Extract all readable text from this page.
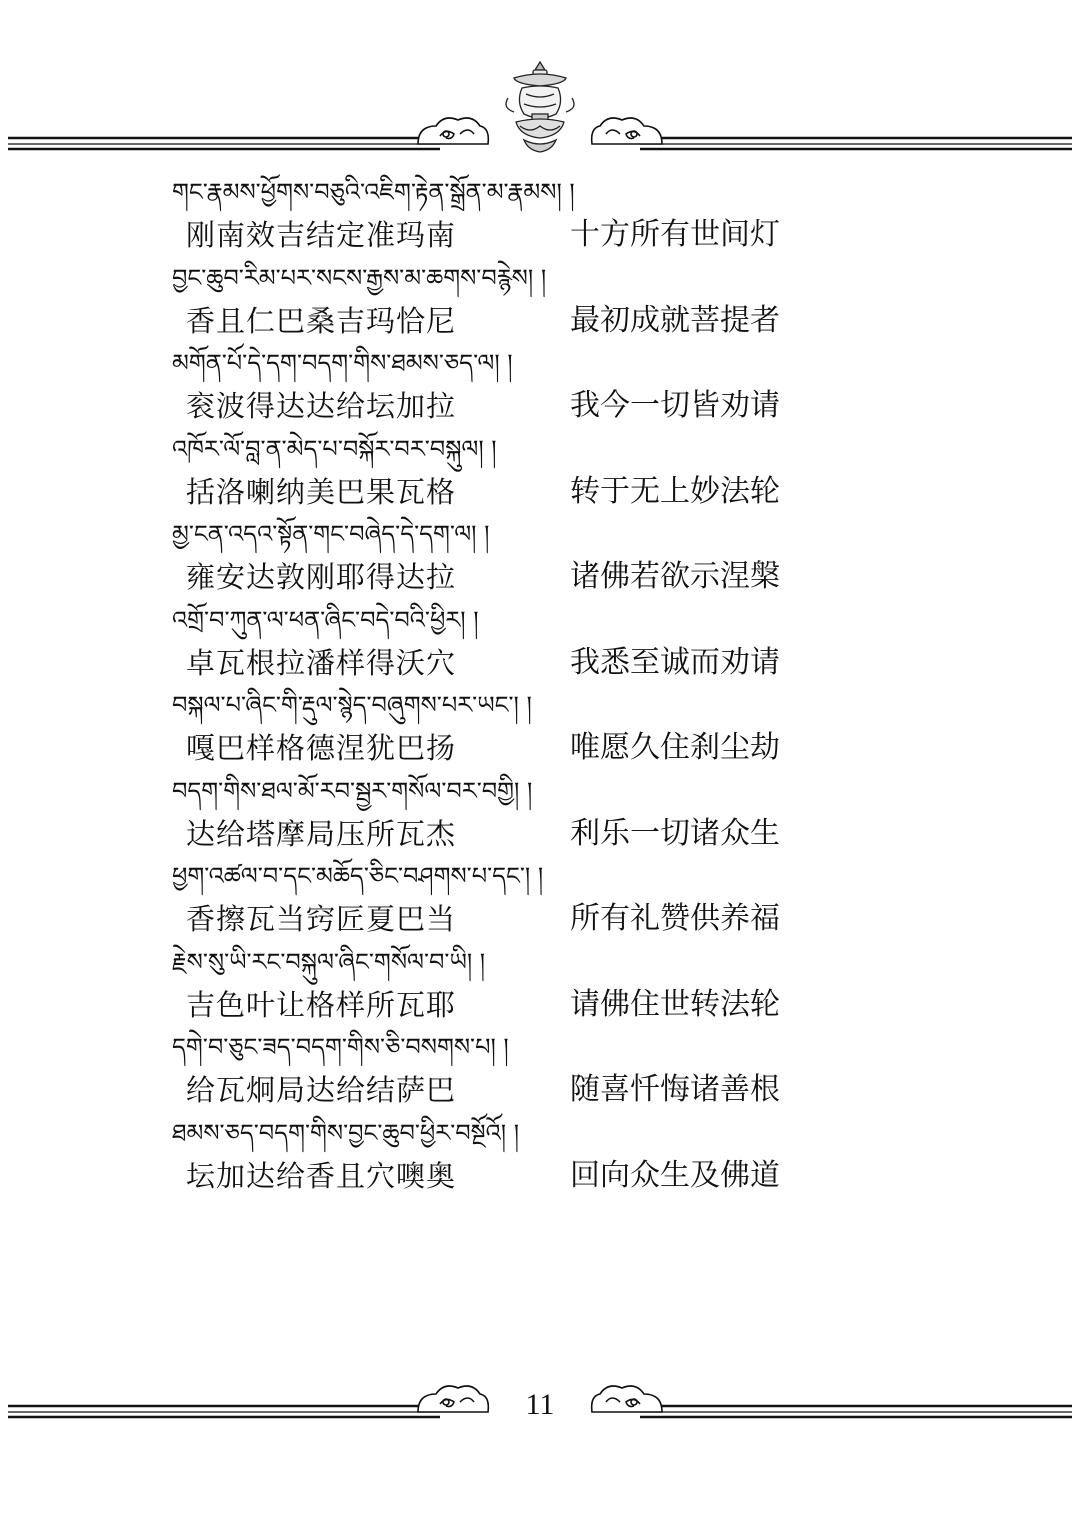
གང་རྣམས་ཕྱོགས་བཅུའི་འཇིག་རྟེན་སྒྲོན་མ་རྣམས། །
刚南效吉结定准玛南	十方所有世间灯
བྱང་ཆུབ་རིམ་པར་སངས་རྒྱས་མ་ཆགས་བརྙེས། །
香且仁巴桑吉玛恰尼	最初成就菩提者
མགོན་པོ་དེ་དག་བདག་གིས་ཐམས་ཅད་ལ། །
衮波得达达给坛加拉	我今一切皆劝请
འཁོར་ལོ་བླ་ན་མེད་པ་བསྐོར་བར་བསྐུལ། །
括洛喇纳美巴果瓦格	转于无上妙法轮
མྱ་ངན་འདའ་སྟོན་གང་བཞེད་དེ་དག་ལ། །
雍安达敦刚耶得达拉	诸佛若欲示涅槃
འགྲོ་བ་ཀུན་ལ་ཕན་ཞིང་བདེ་བའི་ཕྱིར། །
卓瓦根拉潘样得沃穴	我悉至诚而劝请
བསྐལ་པ་ཞིང་གི་རྡུལ་སྙེད་བཞུགས་པར་ཡང་། །
嘎巴样格德涅犹巴扬	唯愿久住刹尘劫
བདག་གིས་ཐལ་མོ་རབ་སྦྱར་གསོལ་བར་བགྱི། །
达给塔摩局压所瓦杰	利乐一切诸众生
ཕྱག་འཚལ་བ་དང་མཆོད་ཅིང་བཤགས་པ་དང་། །
香擦瓦当窍匠夏巴当	所有礼赞供养福
རྗེས་སུ་ཡི་རང་བསྐུལ་ཞིང་གསོལ་བ་ཡི། །
吉色叶让格样所瓦耶	请佛住世转法轮
དགེ་བ་ཅུང་ཟད་བདག་གིས་ཅི་བསགས་པ། །
给瓦炯局达给结萨巴	随喜忏悔诸善根
ཐམས་ཅད་བདག་གིས་བྱང་ཆུབ་ཕྱིར་བསྔོའོ། །
坛加达给香且穴噢奥	回向众生及佛道
11
